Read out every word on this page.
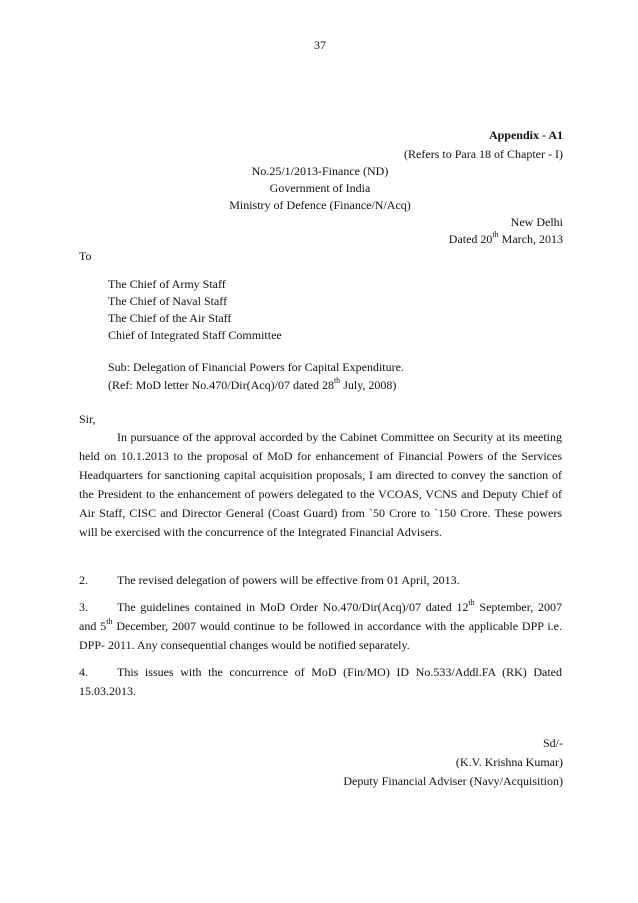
37
Appendix - A1
(Refers to Para 18 of Chapter - I)
No.25/1/2013-Finance (ND)
Government of India
Ministry of Defence (Finance/N/Acq)
New Delhi
Dated 20th March, 2013
To
The Chief of Army Staff
The Chief of Naval Staff
The Chief of the Air Staff
Chief of Integrated Staff Committee
Sub: Delegation of Financial Powers for Capital Expenditure.
(Ref: MoD letter No.470/Dir(Acq)/07 dated 28th July, 2008)
Sir,
In pursuance of the approval accorded by the Cabinet Committee on Security at its meeting held on 10.1.2013 to the proposal of MoD for enhancement of Financial Powers of the Services Headquarters for sanctioning capital acquisition proposals, I am directed to convey the sanction of the President to the enhancement of powers delegated to the VCOAS, VCNS and Deputy Chief of Air Staff, CISC and Director General (Coast Guard) from `50 Crore to `150 Crore. These powers will be exercised with the concurrence of the Integrated Financial Advisers.
2. The revised delegation of powers will be effective from 01 April, 2013.
3. The guidelines contained in MoD Order No.470/Dir(Acq)/07 dated 12th September, 2007 and 5th December, 2007 would continue to be followed in accordance with the applicable DPP i.e. DPP- 2011. Any consequential changes would be notified separately.
4. This issues with the concurrence of MoD (Fin/MO) ID No.533/Addl.FA (RK) Dated 15.03.2013.
Sd/-
(K.V. Krishna Kumar)
Deputy Financial Adviser (Navy/Acquisition)
